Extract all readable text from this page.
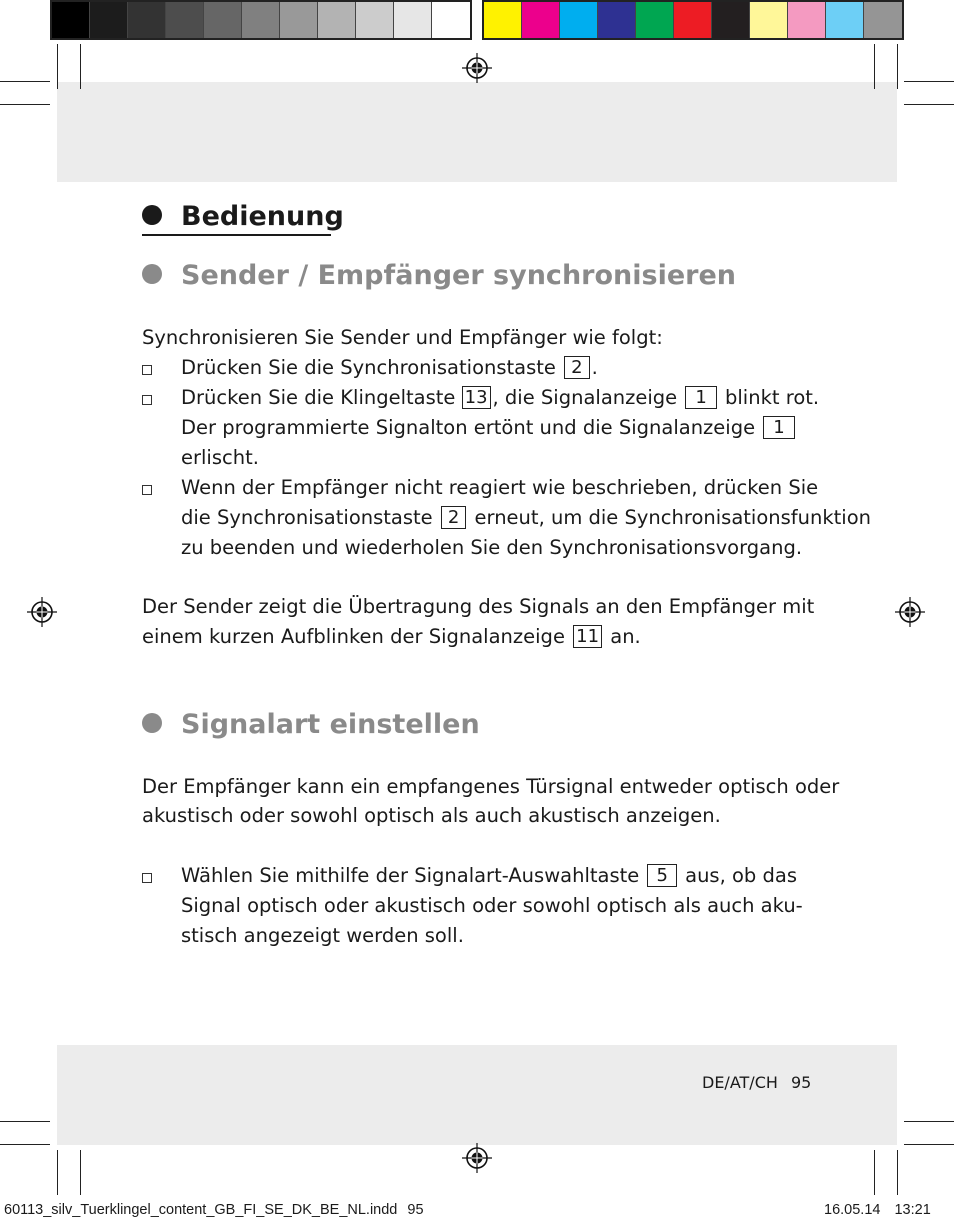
Bedienung
Sender / Empfänger synchronisieren
Synchronisieren Sie Sender und Empfänger wie folgt:
Drücken Sie die Synchronisationstaste 2 .
Drücken Sie die Klingeltaste 13 , die Signalanzeige 1 blinkt rot.
Der programmierte Signalton ertönt und die Signalanzeige 1
erlischt.
Wenn der Empfänger nicht reagiert wie beschrieben, drücken Sie
die Synchronisationstaste 2 erneut, um die Synchronisationsfunktion
zu beenden und wiederholen Sie den Synchronisationsvorgang.
Der Sender zeigt die Übertragung des Signals an den Empfänger mit
einem kurzen Aufblinken der Signalanzeige 11 an.
Signalart einstellen
Der Empfänger kann ein empfangenes Türsignal entweder optisch oder
akustisch oder sowohl optisch als auch akustisch anzeigen.
Wählen Sie mithilfe der Signalart-Auswahltaste 5 aus, ob das
Signal optisch oder akustisch oder sowohl optisch als auch aku-
stisch angezeigt werden soll.
DE/AT/CH 95
60113_silv_Tuerklingel_content_GB_FI_SE_DK_BE_NL.indd 95	16.05.14 13:21
